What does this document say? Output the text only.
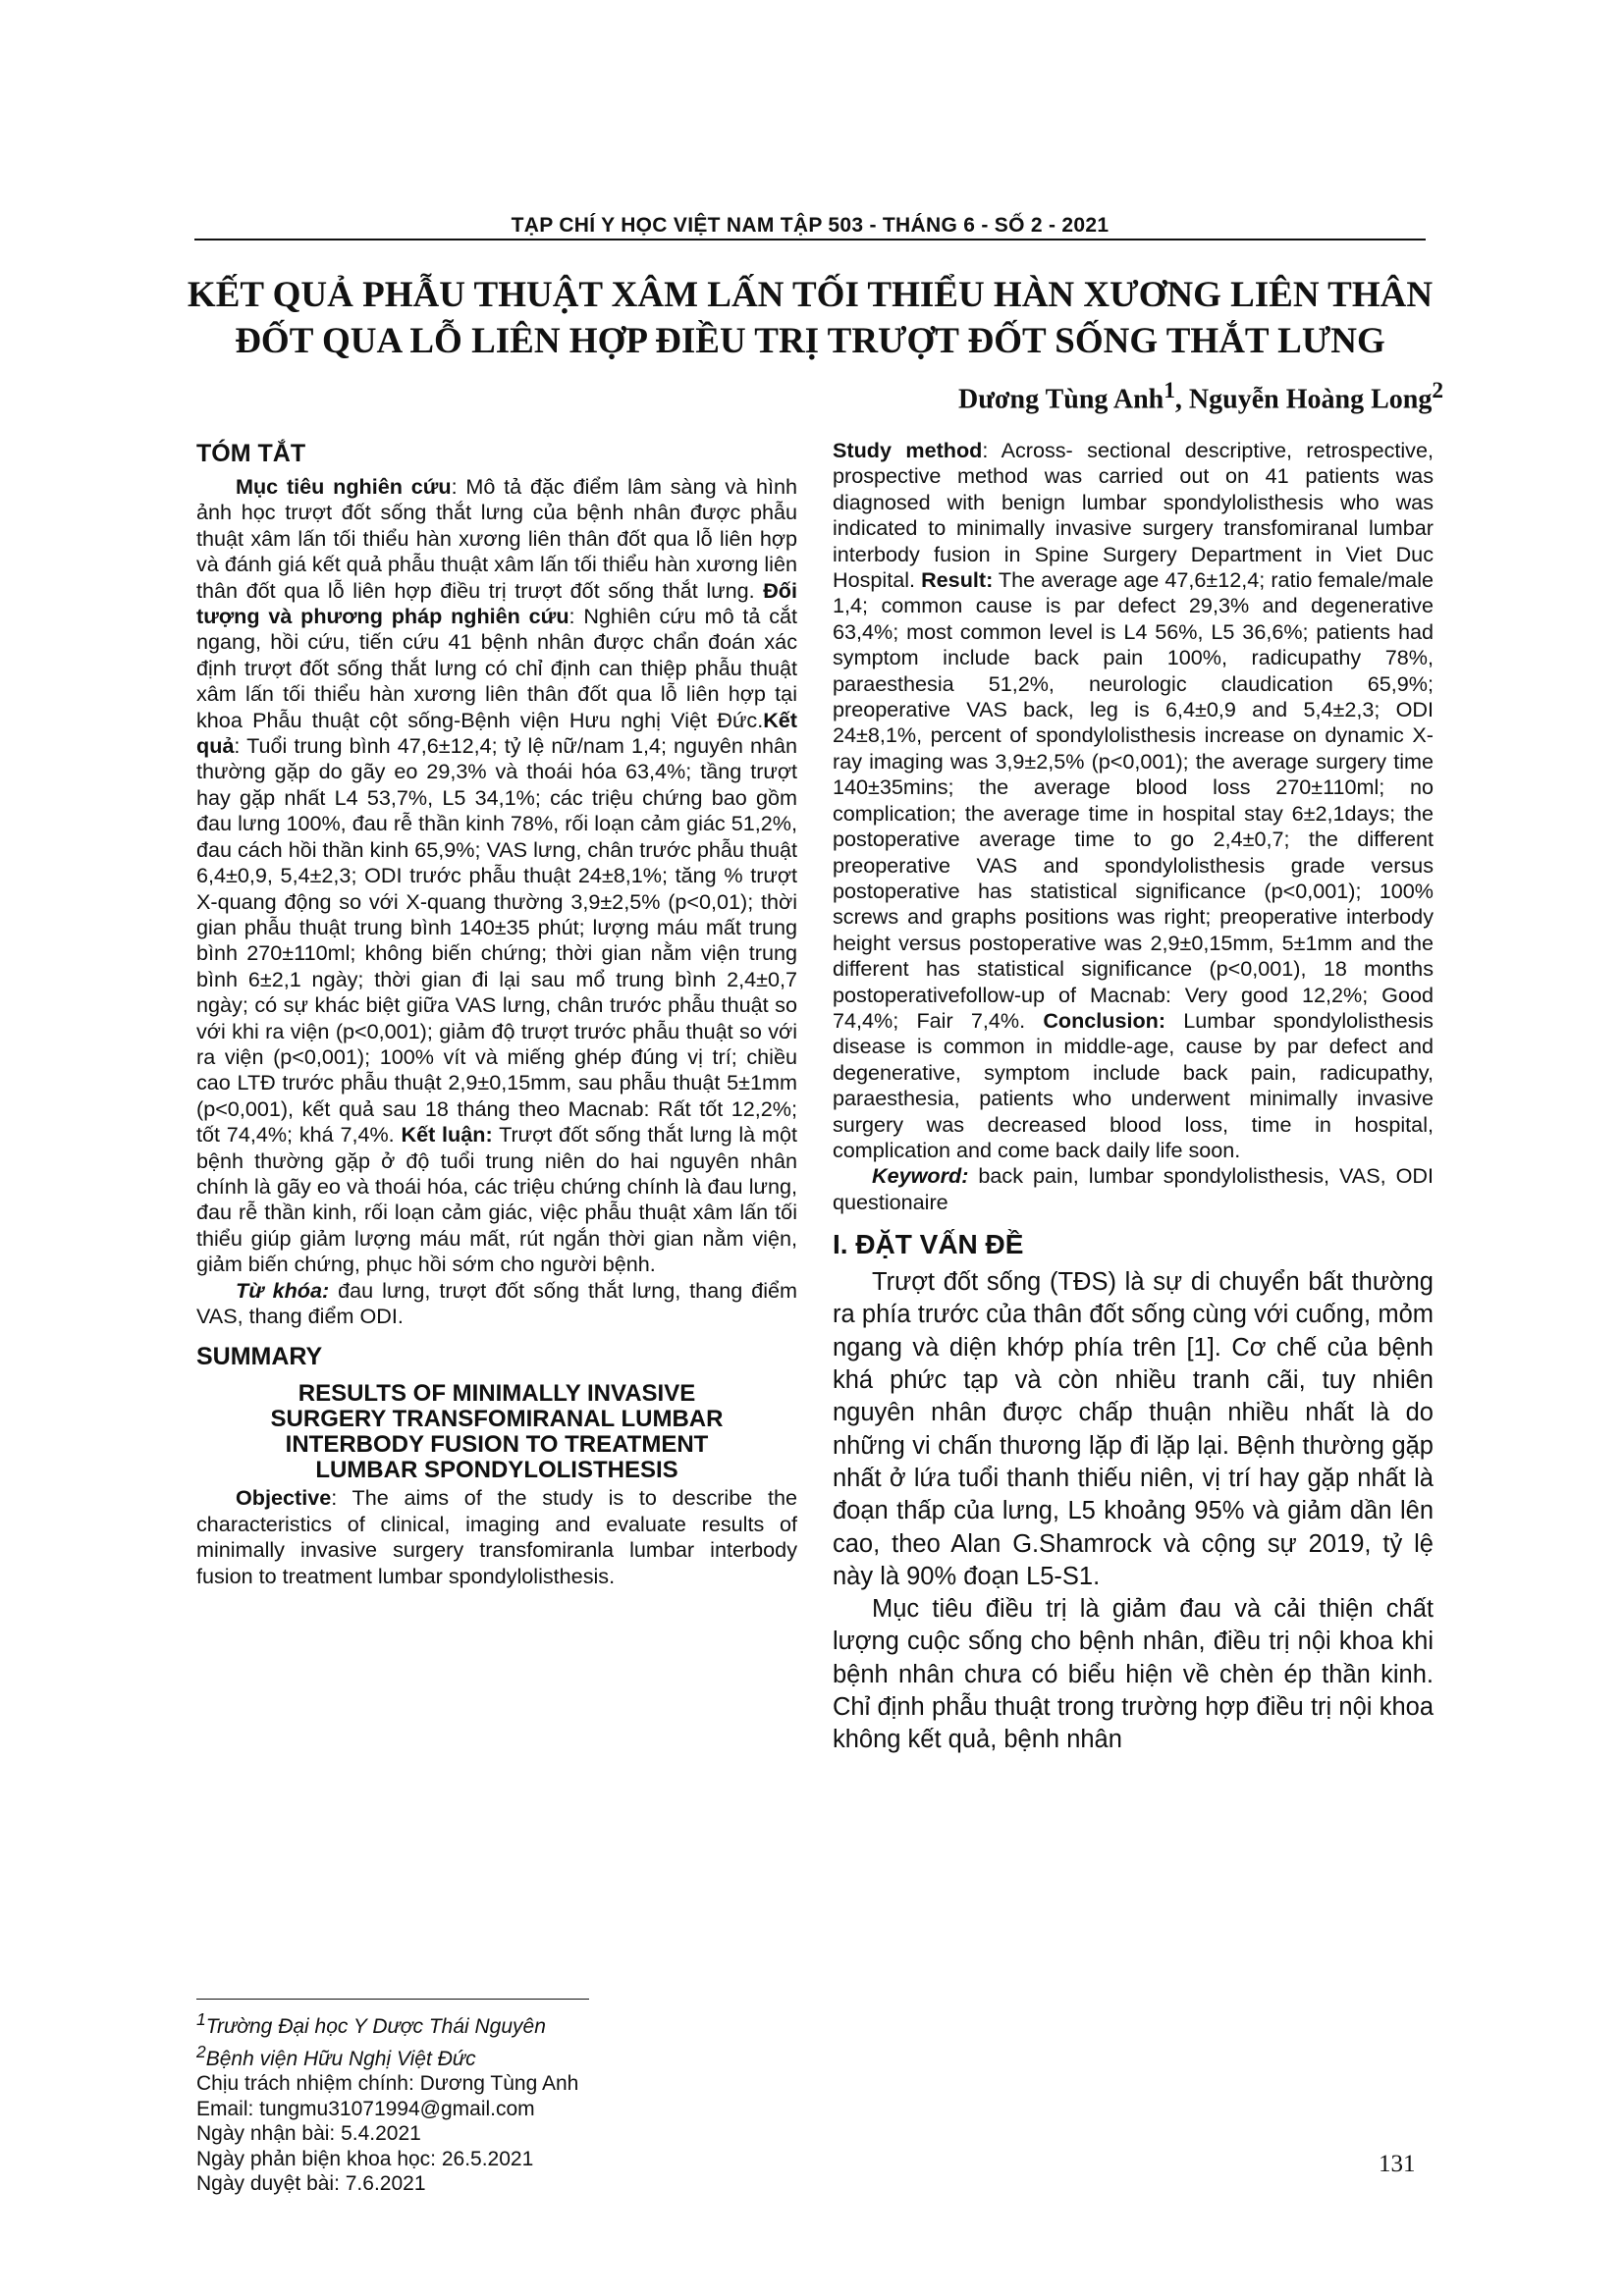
TẠP CHÍ Y HỌC VIỆT NAM TẬP 503 - THÁNG 6 - SỐ 2 - 2021
KẾT QUẢ PHẪU THUẬT XÂM LẤN TỐI THIỂU HÀN XƯƠNG LIÊN THÂN
ĐỐT QUA LỖ LIÊN HỢP ĐIỀU TRỊ TRƯỢT ĐỐT SỐNG THẮT LƯNG
Dương Tùng Anh$^1$, Nguyễn Hoàng Long$^2$

TÓM TẮT

Mục tiêu nghiên cứu: Mô tả đặc điểm lâm sàng và hình ảnh học trượt đốt sống thắt lưng của bệnh nhân được phẫu thuật xâm lấn tối thiểu hàn xương liên thân đốt qua lỗ liên hợp và đánh giá kết quả phẫu thuật xâm lấn tối thiểu hàn xương liên thân đốt qua lỗ liên hợp điều trị trượt đốt sống thắt lưng. Đối tượng và phương pháp nghiên cứu: Nghiên cứu mô tả cắt ngang, hồi cứu, tiến cứu 41 bệnh nhân được chẩn đoán xác định trượt đốt sống thắt lưng có chỉ định can thiệp phẫu thuật xâm lấn tối thiểu hàn xương liên thân đốt qua lỗ liên hợp tại khoa Phẫu thuật cột sống-Bệnh viện Hưu nghị Việt Đức.Kết quả: Tuổi trung bình 47,6±12,4; tỷ lệ nữ/nam 1,4; nguyên nhân thường gặp do gãy eo 29,3% và thoái hóa 63,4%; tầng trượt hay gặp nhất L4 53,7%, L5 34,1%; các triệu chứng bao gồm đau lưng 100%, đau rễ thần kinh 78%, rối loạn cảm giác 51,2%, đau cách hồi thần kinh 65,9%; VAS lưng, chân trước phẫu thuật 6,4±0,9, 5,4±2,3; ODI trước phẫu thuật 24±8,1%; tăng % trượt X-quang động so với X-quang thường 3,9±2,5% (p<0,01); thời gian phẫu thuật trung bình 140±35 phút; lượng máu mất trung bình 270±110ml; không biến chứng; thời gian nằm viện trung bình 6±2,1 ngày; thời gian đi lại sau mổ trung bình 2,4±0,7 ngày; có sự khác biệt giữa VAS lưng, chân trước phẫu thuật so với khi ra viện (p<0,001); giảm độ trượt trước phẫu thuật so với ra viện (p<0,001); 100% vít và miếng ghép đúng vị trí; chiều cao LTĐ trước phẫu thuật 2,9±0,15mm, sau phẫu thuật 5±1mm (p<0,001), kết quả sau 18 tháng theo Macnab: Rất tốt 12,2%; tốt 74,4%; khá 7,4%. Kết luận: Trượt đốt sống thắt lưng là một bệnh thường gặp ở độ tuổi trung niên do hai nguyên nhân chính là gãy eo và thoái hóa, các triệu chứng chính là đau lưng, đau rễ thần kinh, rối loạn cảm giác, việc phẫu thuật xâm lấn tối thiểu giúp giảm lượng máu mất, rút ngắn thời gian nằm viện, giảm biến chứng, phục hồi sớm cho người bệnh.

Từ khóa: đau lưng, trượt đốt sống thắt lưng, thang điểm VAS, thang điểm ODI.

SUMMARY

RESULTS OF MINIMALLY INVASIVE
SURGERY TRANSFOMIRANAL LUMBAR
INTERBODY FUSION TO TREATMENT
LUMBAR SPONDYLOLISTHESIS

Objective: The aims of the study is to describe the characteristics of clinical, imaging and evaluate results of minimally invasive surgery transfomiranla lumbar interbody fusion to treatment lumbar spondylolisthesis.

Study method: Across- sectional descriptive, retrospective, prospective method was carried out on 41 patients was diagnosed with benign lumbar spondylolisthesis who was indicated to minimally invasive surgery transfomiranal lumbar interbody fusion in Spine Surgery Department in Viet Duc Hospital. Result: The average age 47,6±12,4; ratio female/male 1,4; common cause is par defect 29,3% and degenerative 63,4%; most common level is L4 56%, L5 36,6%; patients had symptom include back pain 100%, radicupathy 78%, paraesthesia 51,2%, neurologic claudication 65,9%; preoperative VAS back, leg is 6,4±0,9 and 5,4±2,3; ODI 24±8,1%, percent of spondylolisthesis increase on dynamic X-ray imaging was 3,9±2,5% (p<0,001); the average surgery time 140±35mins; the average blood loss 270±110ml; no complication; the average time in hospital stay 6±2,1days; the postoperative average time to go 2,4±0,7; the different preoperative VAS and spondylolisthesis grade versus postoperative has statistical significance (p<0,001); 100% screws and graphs positions was right; preoperative interbody height versus postoperative was 2,9±0,15mm, 5±1mm and the different has statistical significance (p<0,001), 18 months postoperativefollow-up of Macnab: Very good 12,2%; Good 74,4%; Fair 7,4%. Conclusion: Lumbar spondylolisthesis disease is common in middle-age, cause by par defect and degenerative, symptom include back pain, radicupathy, paraesthesia, patients who underwent minimally invasive surgery was decreased blood loss, time in hospital, complication and come back daily life soon.

Keyword: back pain, lumbar spondylolisthesis, VAS, ODI questionaire

I. ĐẶT VẤN ĐỀ

Trượt đốt sống (TĐS) là sự di chuyển bất thường ra phía trước của thân đốt sống cùng với cuống, mỏm ngang và diện khớp phía trên [1]. Cơ chế của bệnh khá phức tạp và còn nhiều tranh cãi, tuy nhiên nguyên nhân được chấp thuận nhiều nhất là do những vi chấn thương lặp đi lặp lại. Bệnh thường gặp nhất ở lứa tuổi thanh thiếu niên, vị trí hay gặp nhất là đoạn thấp của lưng, L5 khoảng 95% và giảm dần lên cao, theo Alan G.Shamrock và cộng sự 2019, tỷ lệ này là 90% đoạn L5-S1.

Mục tiêu điều trị là giảm đau và cải thiện chất lượng cuộc sống cho bệnh nhân, điều trị nội khoa khi bệnh nhân chưa có biểu hiện về chèn ép thần kinh. Chỉ định phẫu thuật trong trường hợp điều trị nội khoa không kết quả, bệnh nhân

$^1$Trường Đại học Y Dược Thái Nguyên
$^2$Bệnh viện Hữu Nghị Việt Đức
Chịu trách nhiệm chính: Dương Tùng Anh
Email: tungmu31071994@gmail.com
Ngày nhận bài: 5.4.2021
Ngày phản biện khoa học: 26.5.2021
Ngày duyệt bài: 7.6.2021
131
